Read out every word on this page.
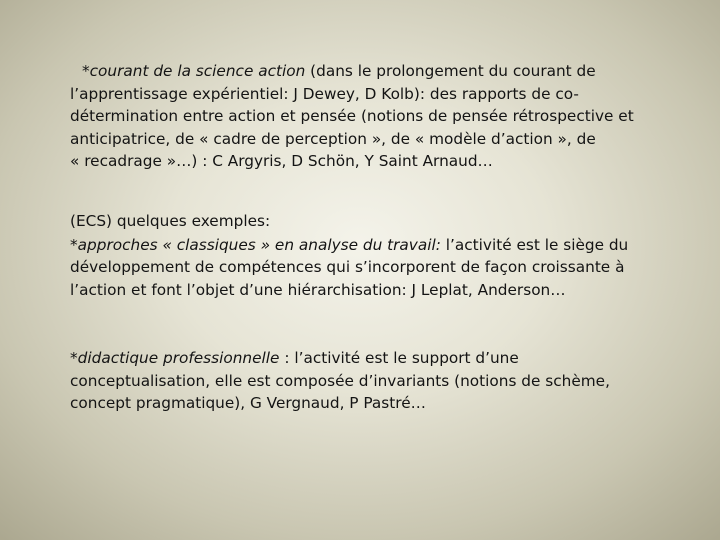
*courant de la science action (dans le prolongement du courant de
l’apprentissage expérientiel: J Dewey, D Kolb): des rapports de co-
détermination entre action et pensée (notions de pensée rétrospective et
anticipatrice, de « cadre de perception », de « modèle d’action », de
« recadrage »…) : C Argyris, D Schön, Y Saint Arnaud…
(ECS) quelques exemples:
*approches « classiques » en analyse du travail: l’activité est le siège du
développement de compétences qui s’incorporent de façon croissante à
l’action et font l’objet d’une hiérarchisation: J Leplat, Anderson…
*didactique professionnelle : l’activité est le support d’une
conceptualisation, elle est composée d’invariants (notions de schème,
concept pragmatique), G Vergnaud, P Pastré…
